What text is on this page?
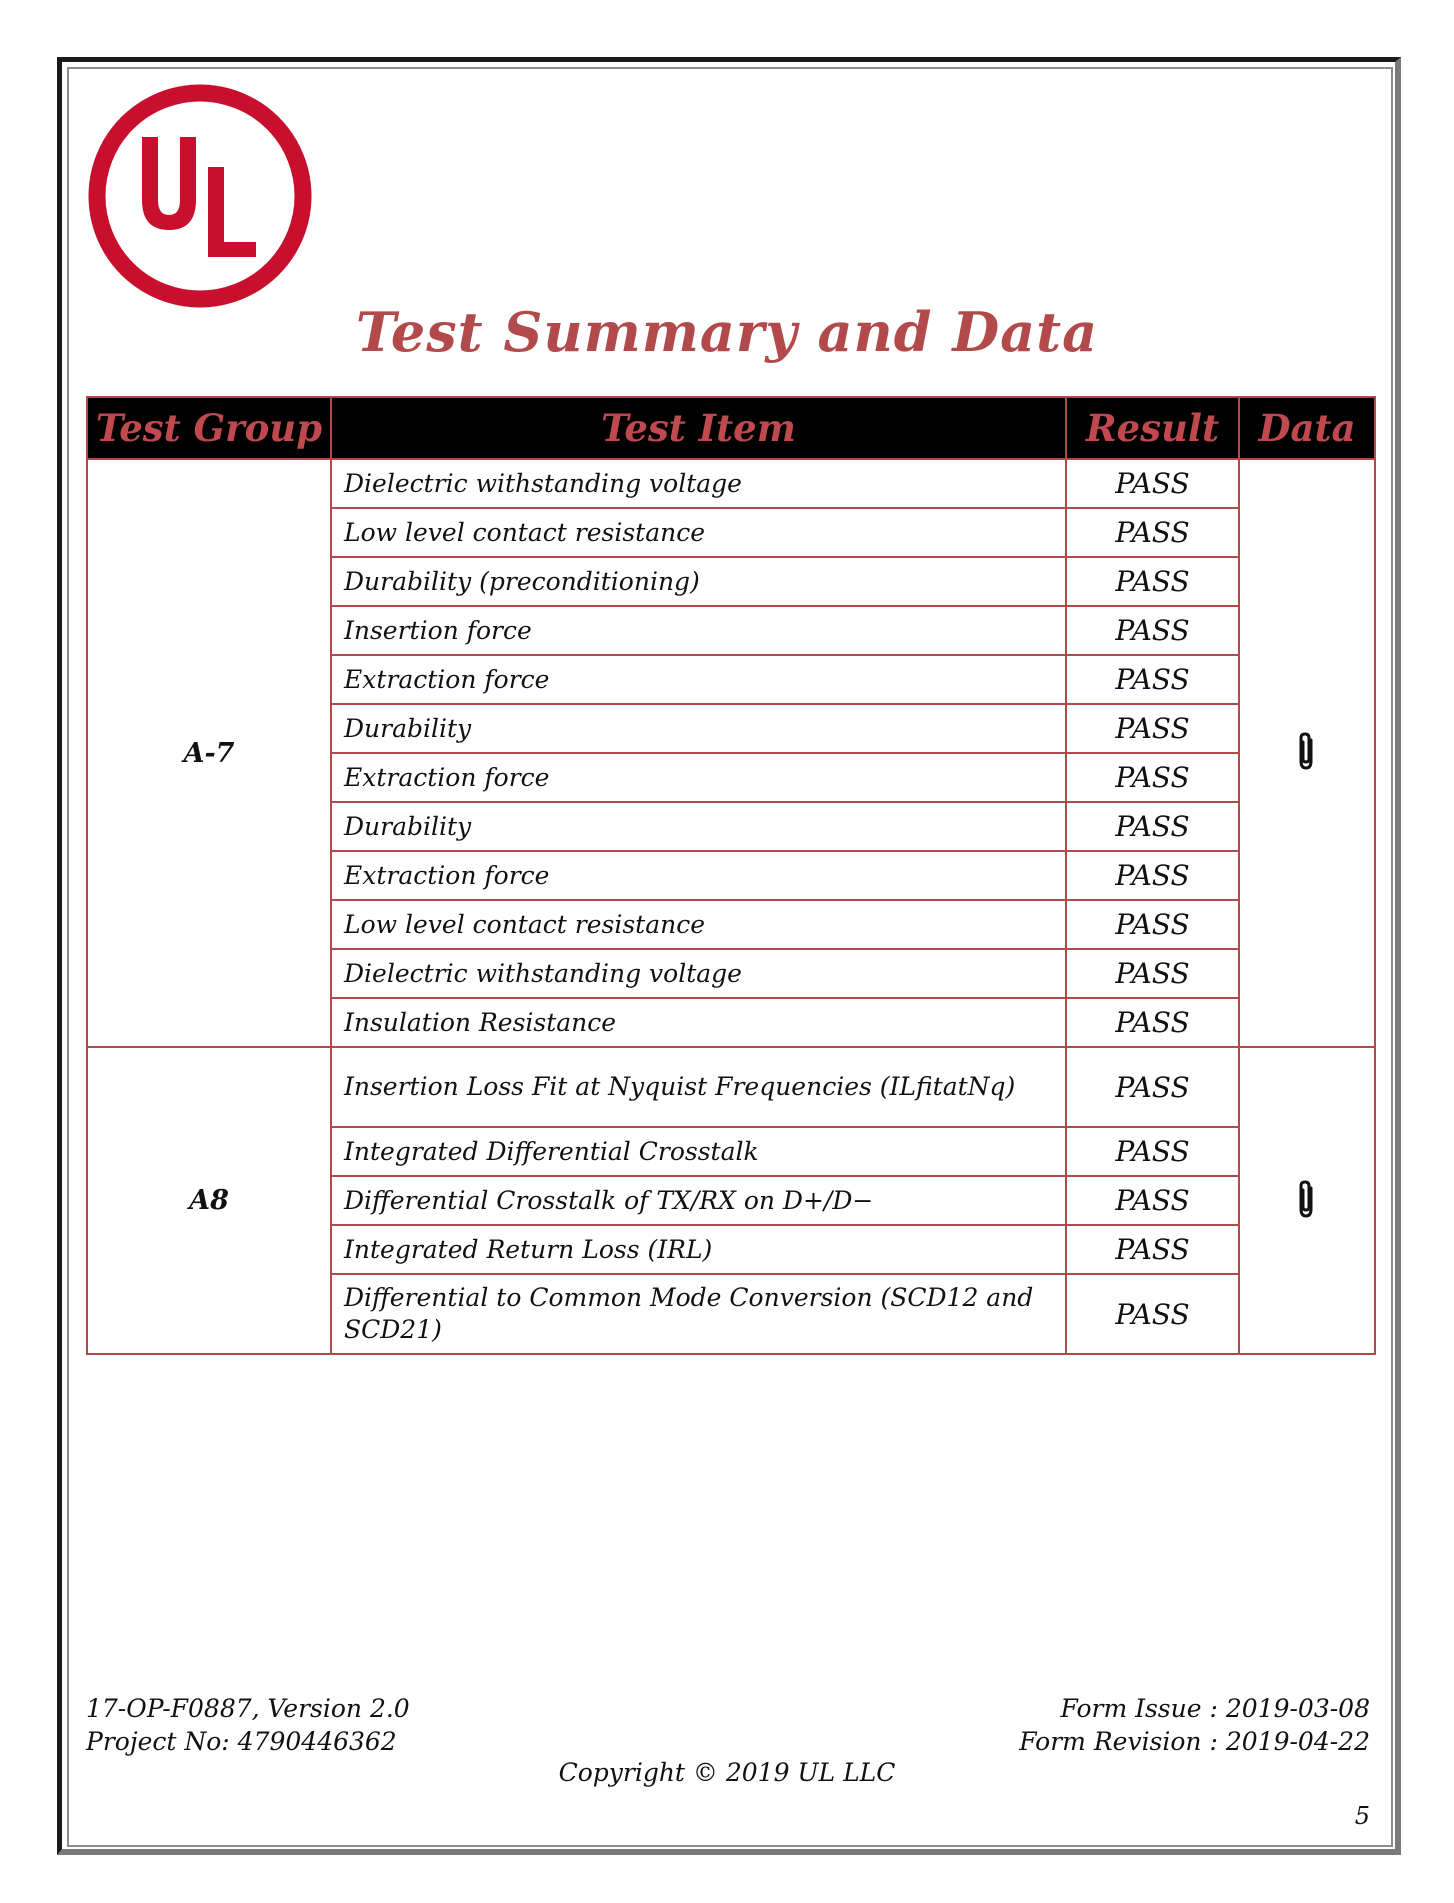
Test Summary and Data
Test Group	Test Item	Result	Data
A-7	Dielectric withstanding voltage	PASS	
	Low level contact resistance	PASS	
	Durability (preconditioning)	PASS	
	Insertion force	PASS	
	Extraction force	PASS	
	Durability	PASS	
	Extraction force	PASS	
	Durability	PASS	
	Extraction force	PASS	
	Low level contact resistance	PASS	
	Dielectric withstanding voltage	PASS	
	Insulation Resistance	PASS	
A8	Insertion Loss Fit at Nyquist Frequencies (ILfitatNq)	PASS	
	Integrated Differential Crosstalk	PASS	
	Differential Crosstalk of TX/RX on D+/D−	PASS	
	Integrated Return Loss (IRL)	PASS	
	Differential to Common Mode Conversion (SCD12 and SCD21)	PASS	
17-OP-F0887, Version 2.0
Project No: 4790446362
Form Issue : 2019-03-08
Form Revision : 2019-04-22
Copyright © 2019 UL LLC
5
